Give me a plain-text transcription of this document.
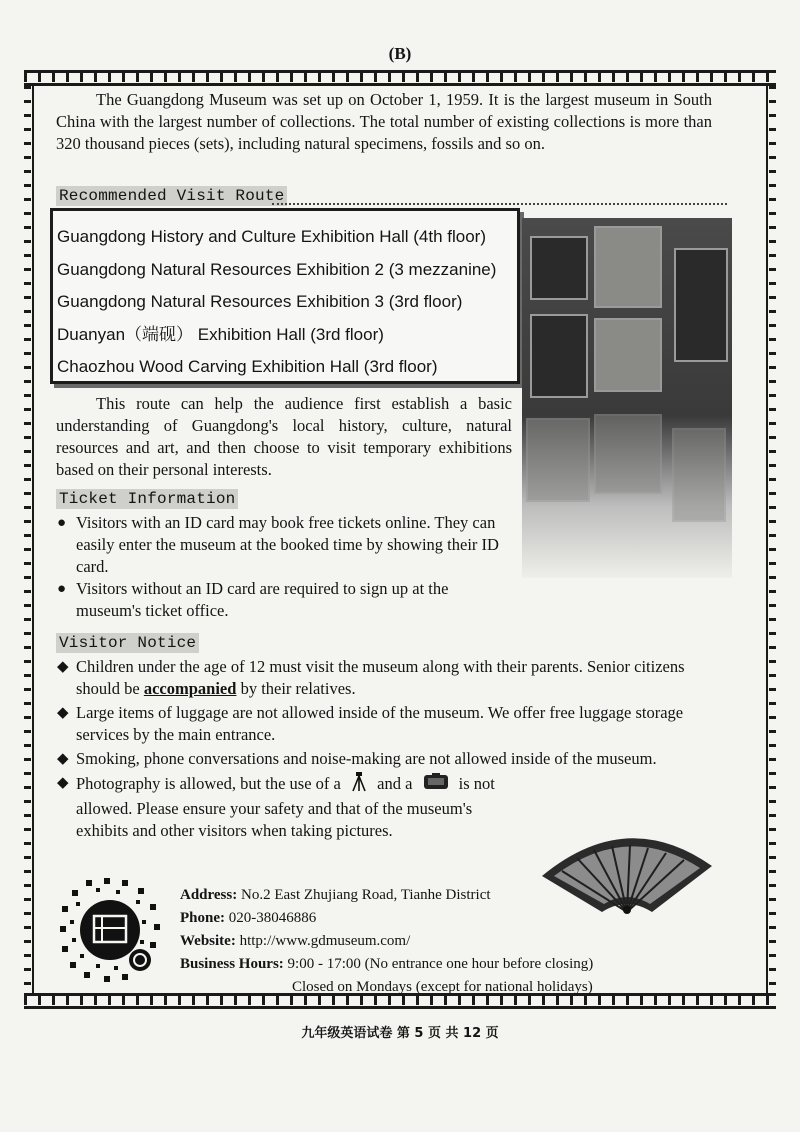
(B)

The Guangdong Museum was set up on October 1, 1959. It is the largest museum in South China with the largest number of collections. The total number of existing collections is more than 320 thousand pieces (sets), including natural specimens, fossils and so on.

Recommended Visit Route
Guangdong History and Culture Exhibition Hall (4th floor)
Guangdong Natural Resources Exhibition 2 (3 mezzanine)
Guangdong Natural Resources Exhibition 3 (3rd floor)
Duanyan（端砚） Exhibition Hall (3rd floor)
Chaozhou Wood Carving Exhibition Hall (3rd floor)

This route can help the audience first establish a basic understanding of Guangdong's local history, culture, natural resources and art, and then choose to visit temporary exhibitions based on their personal interests.

Ticket Information
● Visitors with an ID card may book free tickets online. They can easily enter the museum at the booked time by showing their ID card.
● Visitors without an ID card are required to sign up at the museum's ticket office.
Visitor Notice
◆ Children under the age of 12 must visit the museum along with their parents. Senior citizens should be accompanied by their relatives.
◆ Large items of luggage are not allowed inside of the museum. We offer free luggage storage services by the main entrance.
◆ Smoking, phone conversations and noise-making are not allowed inside of the museum.
◆ Photography is allowed, but the use of a and a	is not allowed. Please ensure your safety and that of the museum's exhibits and other visitors when taking pictures.
Address: No.2 East Zhujiang Road, Tianhe District
Phone: 020-38046886
Website: http://www.gdmuseum.com/
Business Hours: 9:00 - 17:00 (No entrance one hour before closing)
Closed on Mondays (except for national holidays)
九年级英语试卷 第 5 页 共 12 页
